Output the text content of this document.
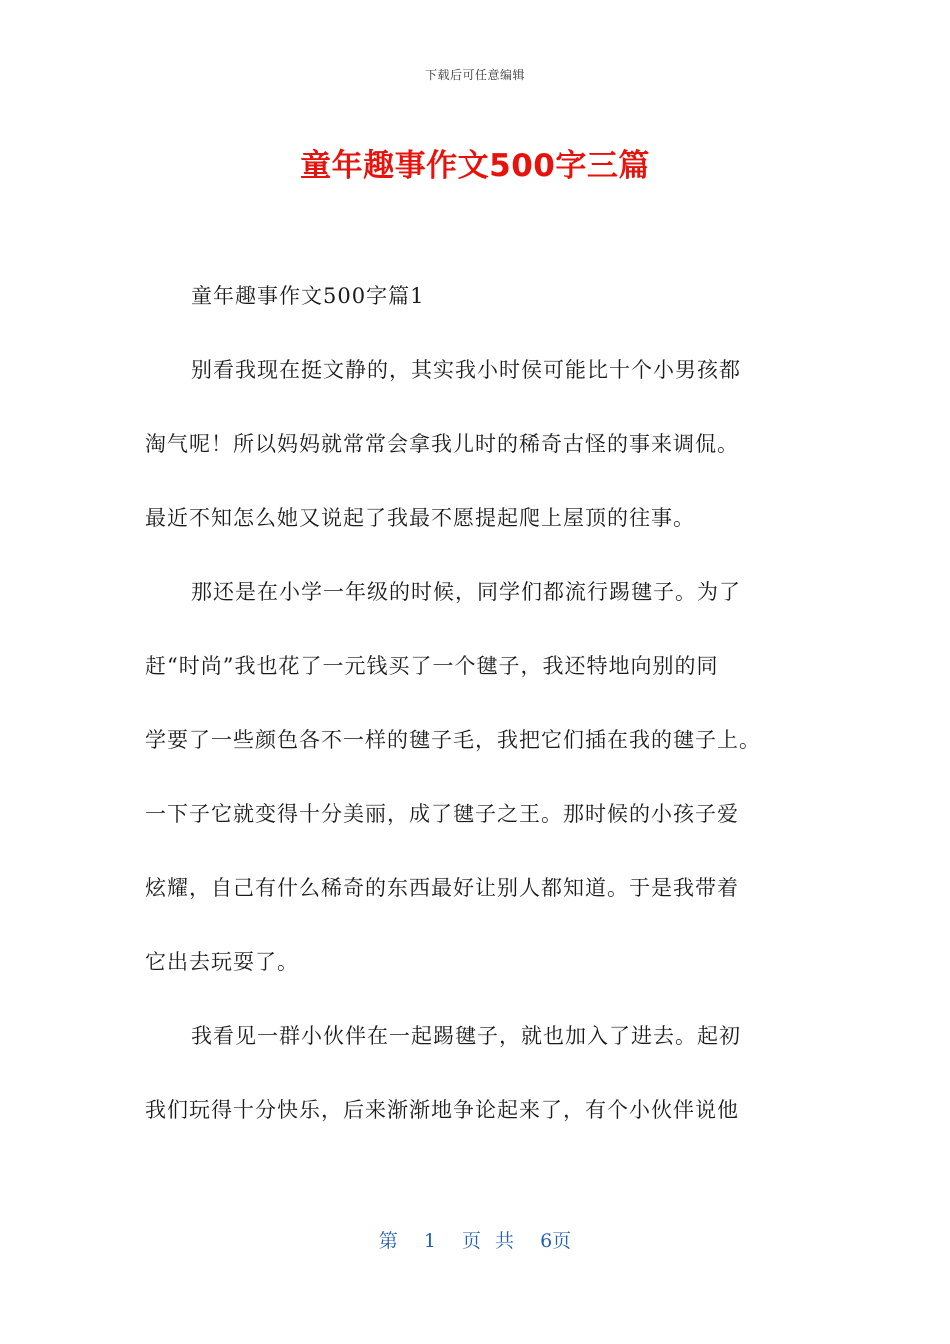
下载后可任意编辑
童年趣事作文500字三篇
童年趣事作文500字篇1
别看我现在挺文静的，其实我小时侯可能比十个小男孩都
淘气呢！所以妈妈就常常会拿我儿时的稀奇古怪的事来调侃。
最近不知怎么她又说起了我最不愿提起爬上屋顶的往事。
那还是在小学一年级的时候，同学们都流行踢毽子。为了
赶“时尚”我也花了一元钱买了一个毽子，我还特地向别的同
学要了一些颜色各不一样的毽子毛，我把它们插在我的毽子上。
一下子它就变得十分美丽，成了毽子之王。那时候的小孩子爱
炫耀，自己有什么稀奇的东西最好让别人都知道。于是我带着
它出去玩耍了。
我看见一群小伙伴在一起踢毽子，就也加入了进去。起初
我们玩得十分快乐，后来渐渐地争论起来了，有个小伙伴说他
第 1 页 共 6页
